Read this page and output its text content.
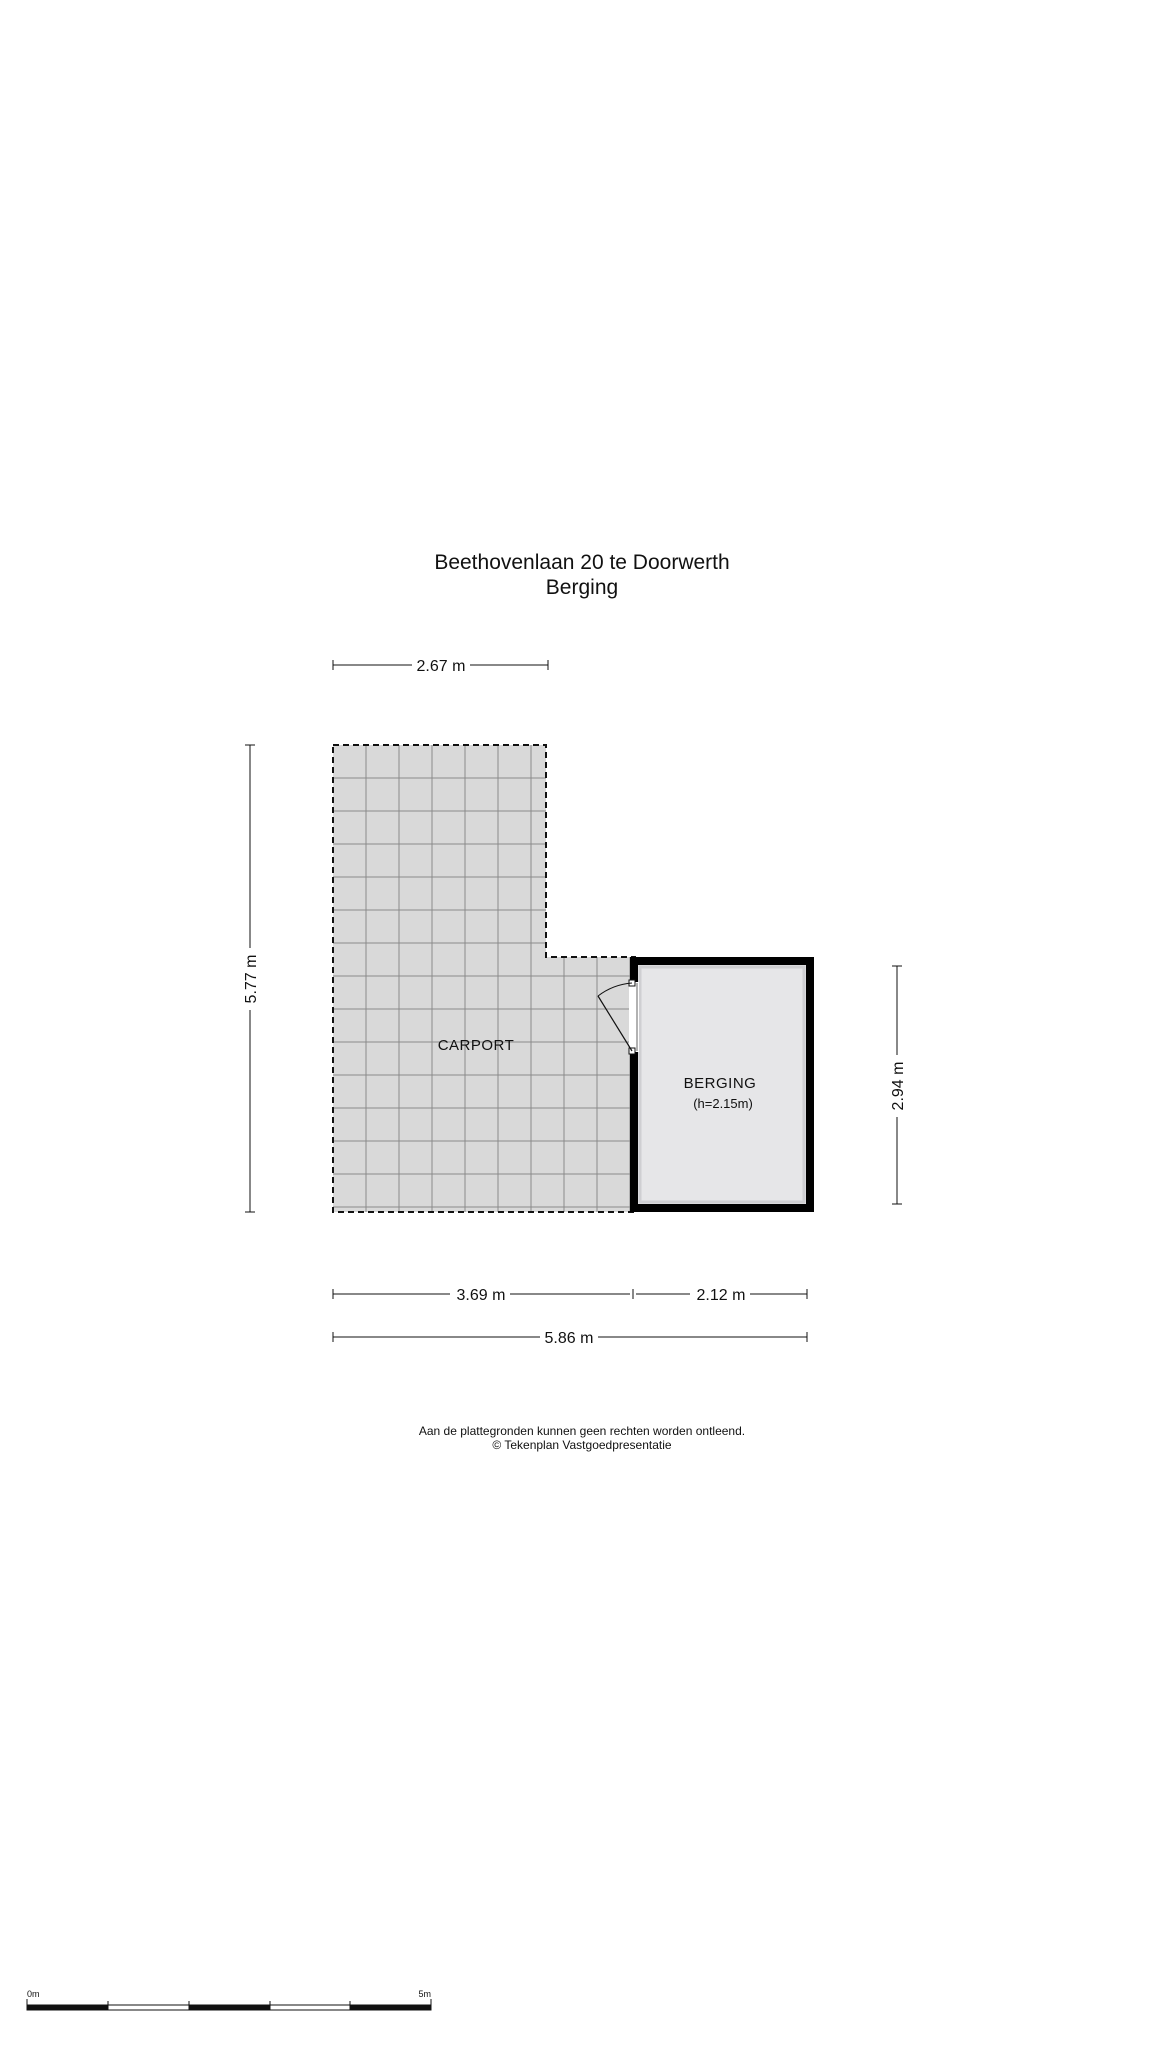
Beethovenlaan 20 te Doorwerth
Berging
CARPORT
BERGING
(h=2.15m)
2.67 m
5.77 m
2.94 m
3.69 m	2.12 m
5.86 m
0m	5m
Aan de plattegronden kunnen geen rechten worden ontleend.
© Tekenplan Vastgoedpresentatie
